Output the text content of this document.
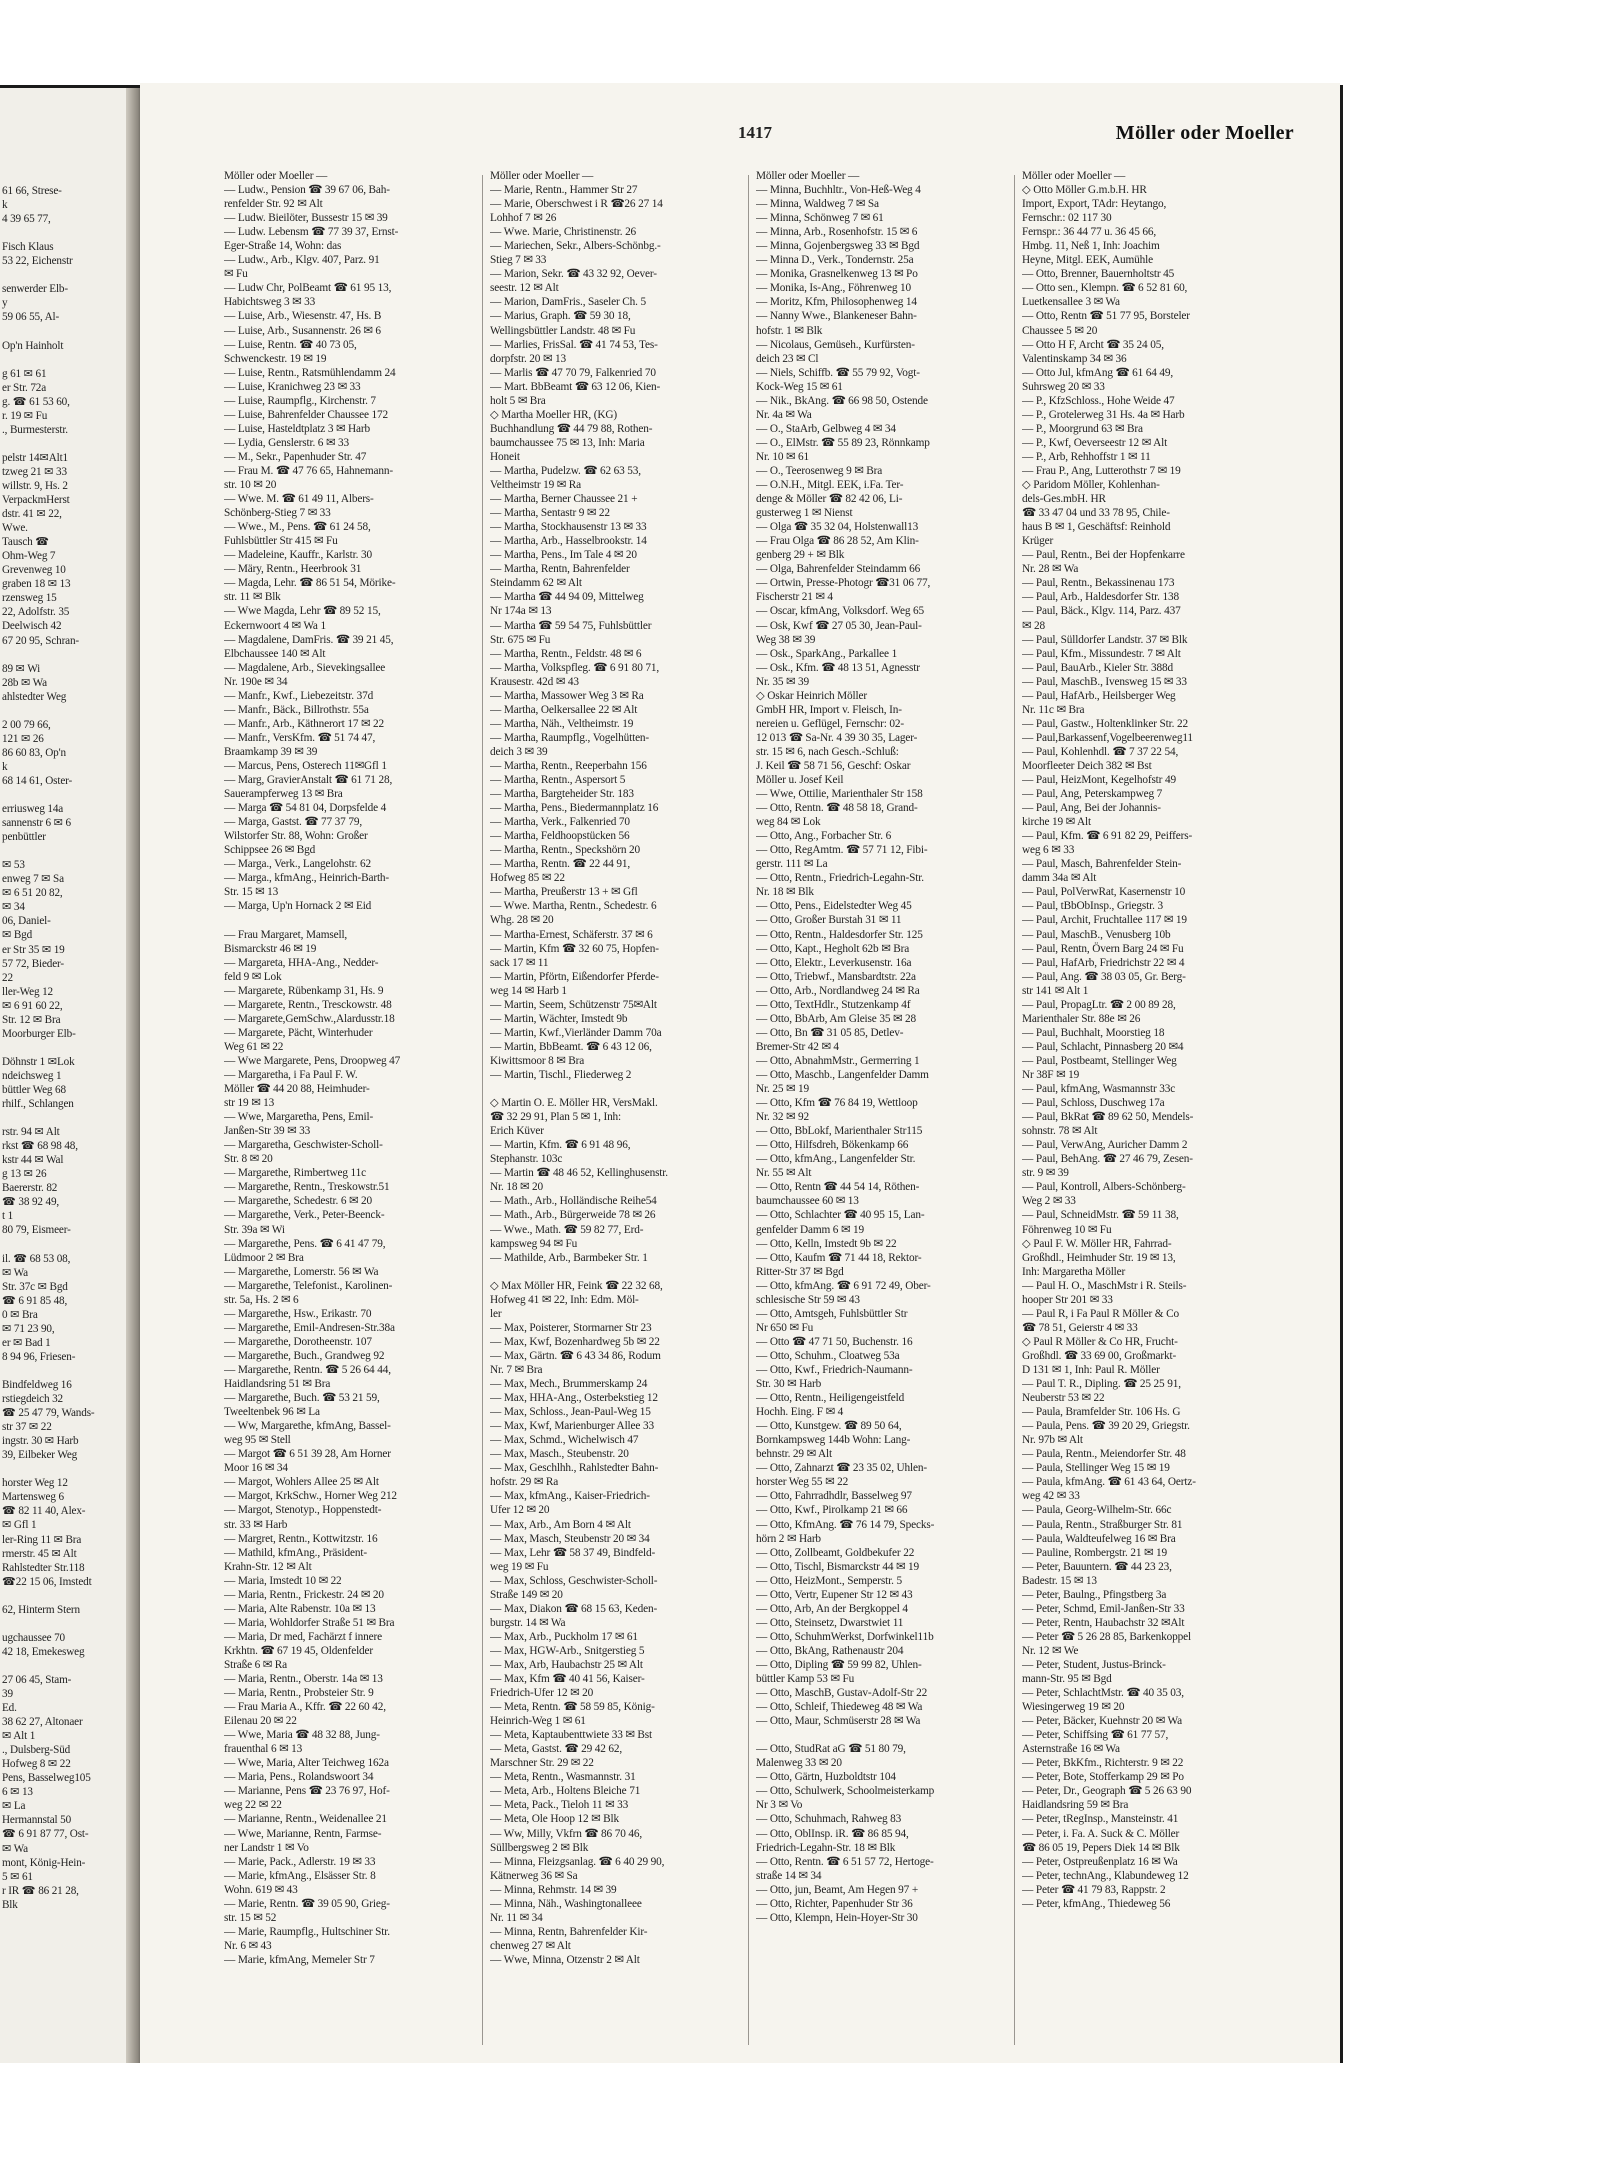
61 66, Strese-
k
4 39 65 77,

Fisch Klaus
53 22, Eichenstr

senwerder Elb-
y
59 06 55, Al-

Op'n Hainholt

g 61 ✉ 61
er Str. 72a
g. ☎ 61 53 60,
r. 19 ✉ Fu
., Burmesterstr.

pelstr 14✉Alt1
tzweg 21 ✉ 33
willstr. 9, Hs. 2
VerpackmHerst
dstr. 41 ✉ 22,
Wwe.
Tausch ☎
Ohm-Weg 7
Grevenweg 10
graben 18 ✉ 13
rzensweg 15
22, Adolfstr. 35
Deelwisch 42
67 20 95, Schran-

89 ✉ Wi
28b ✉ Wa
ahlstedter Weg

2 00 79 66,
121 ✉ 26
86 60 83, Op'n
k
68 14 61, Oster-

erriusweg 14a
sannenstr 6 ✉ 6
penbüttler

✉ 53
enweg 7 ✉ Sa
✉ 6 51 20 82,
✉ 34
06, Daniel-
✉ Bgd
er Str 35 ✉ 19
57 72, Bieder-
22
ller-Weg 12
✉ 6 91 60 22,
Str. 12 ✉ Bra
Moorburger Elb-

Döhnstr 1 ✉Lok
ndeichsweg 1
büttler Weg 68
rhilf., Schlangen

rstr. 94 ✉ Alt
rkst ☎ 68 98 48,
kstr 44 ✉ Wal
g 13 ✉ 26
Baererstr. 82
☎ 38 92 49,
t 1
80 79, Eismeer-

il. ☎ 68 53 08,
✉ Wa
Str. 37c ✉ Bgd
☎ 6 91 85 48,
0 ✉ Bra
✉ 71 23 90,
er ✉ Bad 1
8 94 96, Friesen-

Bindfeldweg 16
rstiegdeich 32
☎ 25 47 79, Wands-
str 37 ✉ 22
ingstr. 30 ✉ Harb
39, Eilbeker Weg

horster Weg 12
Martensweg 6
☎ 82 11 40, Alex-
✉ Gfl 1
ler-Ring 11 ✉ Bra
rmerstr. 45 ✉ Alt
Rahlstedter Str.118
☎22 15 06, Imstedt

62, Hinterm Stern

ugchaussee 70
42 18, Emekesweg

27 06 45, Stam-
39
Ed.
38 62 27, Altonaer
✉ Alt 1
., Dulsberg-Süd
Hofweg 8 ✉ 22
Pens, Basselweg105
6 ✉ 13
✉ La
Hermannstal 50
☎ 6 91 87 77, Ost-
✉ Wa
mont, König-Hein-
5 ✉ 61
r IR ☎ 86 21 28,
Blk
1417	Möller oder Moeller
Möller oder Moeller —
— Ludw., Pension ☎ 39 67 06, Bah-
renfelder Str. 92 ✉ Alt
— Ludw. Bieilöter, Bussestr 15 ✉ 39
— Ludw. Lebensm ☎ 77 39 37, Ernst-
Eger-Straße 14, Wohn: das
— Ludw., Arb., Klgv. 407, Parz. 91
✉ Fu
— Ludw Chr, PolBeamt ☎ 61 95 13,
Habichtsweg 3 ✉ 33
— Luise, Arb., Wiesenstr. 47, Hs. B
— Luise, Arb., Susannenstr. 26 ✉ 6
— Luise, Rentn. ☎ 40 73 05,
Schwenckestr. 19 ✉ 19
— Luise, Rentn., Ratsmühlendamm 24
— Luise, Kranichweg 23 ✉ 33
— Luise, Raumpflg., Kirchenstr. 7
— Luise, Bahrenfelder Chaussee 172
— Luise, Hasteldtplatz 3 ✉ Harb
— Lydia, Genslerstr. 6 ✉ 33
— M., Sekr., Papenhuder Str. 47
— Frau M. ☎ 47 76 65, Hahnemann-
str. 10 ✉ 20
— Wwe. M. ☎ 61 49 11, Albers-
Schönberg-Stieg 7 ✉ 33
— Wwe., M., Pens. ☎ 61 24 58,
Fuhlsbüttler Str 415 ✉ Fu
— Madeleine, Kauffr., Karlstr. 30
— Märy, Rentn., Heerbrook 31
— Magda, Lehr. ☎ 86 51 54, Mörike-
str. 11 ✉ Blk
— Wwe Magda, Lehr ☎ 89 52 15,
Eckernwoort 4 ✉ Wa 1
— Magdalene, DamFris. ☎ 39 21 45,
Elbchaussee 140 ✉ Alt
— Magdalene, Arb., Sievekingsallee
Nr. 190e ✉ 34
— Manfr., Kwf., Liebezeitstr. 37d
— Manfr., Bäck., Billrothstr. 55a
— Manfr., Arb., Käthnerort 17 ✉ 22
— Manfr., VersKfm. ☎ 51 74 47,
Braamkamp 39 ✉ 39
— Marcus, Pens, Osterесh 11✉Gfl 1
— Marg, GravierAnstalt ☎ 61 71 28,
Sauerampferweg 13 ✉ Bra
— Marga ☎ 54 81 04, Dorpsfelde 4
— Marga, Gastst. ☎ 77 37 79,
Wilstorfer Str. 88, Wohn: Großer
Schippsee 26 ✉ Bgd
— Marga., Verk., Langelohstr. 62
— Marga., kfmAng., Heinrich-Barth-
Str. 15 ✉ 13
— Marga, Up'n Hornack 2 ✉ Eid

— Frau Margaret, Mamsell,
Bismarckstr 46 ✉ 19
— Margareta, HHA-Ang., Nedder-
feld 9 ✉ Lok
— Margarete, Rübenkamp 31, Hs. 9
— Margarete, Rentn., Tresckowstr. 48
— Margarete,GemSchw.,Alardusstr.18
— Margarete, Pächt, Winterhuder
Weg 61 ✉ 22
— Wwe Margarete, Pens, Droopweg 47
— Margaretha, i Fa Paul F. W.
Möller ☎ 44 20 88, Heimhuder-
str 19 ✉ 13
— Wwe, Margaretha, Pens, Emil-
Janßen-Str 39 ✉ 33
— Margaretha, Geschwister-Scholl-
Str. 8 ✉ 20
— Margarethe, Rimbertweg 11c
— Margarethe, Rentn., Treskowstr.51
— Margarethe, Schedestr. 6 ✉ 20
— Margarethe, Verk., Peter-Beenck-
Str. 39a ✉ Wi
— Margarethe, Pens. ☎ 6 41 47 79,
Lüdmoor 2 ✉ Bra
— Margarethe, Lomerstr. 56 ✉ Wa
— Margarethe, Telefonist., Karolinen-
str. 5a, Hs. 2 ✉ 6
— Margarethe, Hsw., Erikastr. 70
— Margarethe, Emil-Andresen-Str.38a
— Margarethe, Dorotheenstr. 107
— Margarethe, Buch., Grandweg 92
— Margarethe, Rentn. ☎ 5 26 64 44,
Haidlandsring 51 ✉ Bra
— Margarethe, Buch. ☎ 53 21 59,
Tweeltenbek 96 ✉ La
— Ww, Margarethe, kfmAng, Bassel-
weg 95 ✉ Stell
— Margot ☎ 6 51 39 28, Am Horner
Moor 16 ✉ 34
— Margot, Wohlers Allee 25 ✉ Alt
— Margot, KrkSchw., Horner Weg 212
— Margot, Stenotyp., Hoppenstedt-
str. 33 ✉ Harb
— Margret, Rentn., Kottwitzstr. 16
— Mathild, kfmAng., Präsident-
Krahn-Str. 12 ✉ Alt
— Maria, Imstedt 10 ✉ 22
— Maria, Rentn., Frickestr. 24 ✉ 20
— Maria, Alte Rabenstr. 10a ✉ 13
— Maria, Wohldorfer Straße 51 ✉ Bra
— Maria, Dr med, Fachärzt f innere
Krkhtn. ☎ 67 19 45, Oldenfelder
Straße 6 ✉ Ra
— Maria, Rentn., Oberstr. 14a ✉ 13
— Maria, Rentn., Probsteier Str. 9
— Frau Maria A., Kffr. ☎ 22 60 42,
Eilenau 20 ✉ 22
— Wwe, Maria ☎ 48 32 88, Jung-
frauenthal 6 ✉ 13
— Wwe, Maria, Alter Teichweg 162a
— Maria, Pens., Rolandswoort 34
— Marianne, Pens ☎ 23 76 97, Hof-
weg 22 ✉ 22
— Marianne, Rentn., Weidenallee 21
— Wwe, Marianne, Rentn, Farmse-
ner Landstr 1 ✉ Vo
— Marie, Pack., Adlerstr. 19 ✉ 33
— Marie, kfmAng., Elsässer Str. 8
Wohn. 619 ✉ 43
— Marie, Rentn. ☎ 39 05 90, Grieg-
str. 15 ✉ 52
— Marie, Raumpflg., Hultschiner Str.
Nr. 6 ✉ 43
— Marie, kfmAng, Memeler Str 7
Möller oder Moeller —
— Marie, Rentn., Hammer Str 27
— Marie, Oberschwest i R ☎26 27 14
Lohhof 7 ✉ 26
— Wwe. Marie, Christinenstr. 26
— Mariechen, Sekr., Albers-Schönbg.-
Stieg 7 ✉ 33
— Marion, Sekr. ☎ 43 32 92, Oever-
seestr. 12 ✉ Alt
— Marion, DamFris., Saseler Ch. 5
— Marius, Graph. ☎ 59 30 18,
Wellingsbüttler Landstr. 48 ✉ Fu
— Marlies, FrisSal. ☎ 41 74 53, Tes-
dorpfstr. 20 ✉ 13
— Marlis ☎ 47 70 79, Falkenried 70
— Mart. BbBeamt ☎ 63 12 06, Kien-
holt 5 ✉ Bra
◇ Martha Moeller HR, (KG)
Buchhandlung ☎ 44 79 88, Rothen-
baumchaussee 75 ✉ 13, Inh: Maria
Honeit
— Martha, Pudelzw. ☎ 62 63 53,
Veltheimstr 19 ✉ Ra
— Martha, Berner Chaussee 21 +
— Martha, Sentastr 9 ✉ 22
— Martha, Stockhausenstr 13 ✉ 33
— Martha, Arb., Hasselbrookstr. 14
— Martha, Pens., Im Tale 4 ✉ 20
— Martha, Rentn, Bahrenfelder
Steindamm 62 ✉ Alt
— Martha ☎ 44 94 09, Mittelweg
Nr 174a ✉ 13
— Martha ☎ 59 54 75, Fuhlsbüttler
Str. 675 ✉ Fu
— Martha, Rentn., Feldstr. 48 ✉ 6
— Martha, Volkspfleg. ☎ 6 91 80 71,
Krausestr. 42d ✉ 43
— Martha, Massower Weg 3 ✉ Ra
— Martha, Oelkersallee 22 ✉ Alt
— Martha, Näh., Veltheimstr. 19
— Martha, Raumpflg., Vogelhütten-
deich 3 ✉ 39
— Martha, Rentn., Reeperbahn 156
— Martha, Rentn., Aspersort 5
— Martha, Bargteheider Str. 183
— Martha, Pens., Biedermannplatz 16
— Martha, Verk., Falkenried 70
— Martha, Feldhoopstücken 56
— Martha, Rentn., Speckshörn 20
— Martha, Rentn. ☎ 22 44 91,
Hofweg 85 ✉ 22
— Martha, Preußerstr 13 + ✉ Gfl
— Wwe. Martha, Rentn., Schedestr. 6
Whg. 28 ✉ 20
— Martha-Ernest, Schäferstr. 37 ✉ 6
— Martin, Kfm ☎ 32 60 75, Hopfen-
sack 17 ✉ 11
— Martin, Pförtn, Eißendorfer Pferde-
weg 14 ✉ Harb 1
— Martin, Seem, Schützenstr 75✉Alt
— Martin, Wächter, Imstedt 9b
— Martin, Kwf.,Vierländer Damm 70a
— Martin, BbBeamt. ☎ 6 43 12 06,
Kiwittsmoor 8 ✉ Bra
— Martin, Tischl., Fliederweg 2

◇ Martin O. E. Möller HR, VersMakl.
☎ 32 29 91, Plan 5 ✉ 1, Inh:
Erich Küver
— Martin, Kfm. ☎ 6 91 48 96,
Stephanstr. 103c
— Martin ☎ 48 46 52, Kellinghusenstr.
Nr. 18 ✉ 20
— Math., Arb., Holländische Reihe54
— Math., Arb., Bürgerweide 78 ✉ 26
— Wwe., Math. ☎ 59 82 77, Erd-
kampsweg 94 ✉ Fu
— Mathilde, Arb., Barmbeker Str. 1

◇ Max Möller HR, Feink ☎ 22 32 68,
Hofweg 41 ✉ 22, Inh: Edm. Möl-
ler
— Max, Poisterer, Stormarner Str 23
— Max, Kwf, Bozenhardweg 5b ✉ 22
— Max, Gärtn. ☎ 6 43 34 86, Rodum
Nr. 7 ✉ Bra
— Max, Mech., Brummerskamp 24
— Max, HHA-Ang., Osterbekstieg 12
— Max, Schloss., Jean-Paul-Weg 15
— Max, Kwf, Marienburger Allee 33
— Max, Schmd., Wichelwisch 47
— Max, Masch., Steubenstr. 20
— Max, Geschlhh., Rahlstedter Bahn-
hofstr. 29 ✉ Ra
— Max, kfmAng., Kaiser-Friedrich-
Ufer 12 ✉ 20
— Max, Arb., Am Born 4 ✉ Alt
— Max, Masch, Steubenstr 20 ✉ 34
— Max, Lehr ☎ 58 37 49, Bindfeld-
weg 19 ✉ Fu
— Max, Schloss, Geschwister-Scholl-
Straße 149 ✉ 20
— Max, Diakon ☎ 68 15 63, Keden-
burgstr. 14 ✉ Wa
— Max, Arb., Puckholm 17 ✉ 61
— Max, HGW-Arb., Snitgerstieg 5
— Max, Arb, Haubachstr 25 ✉ Alt
— Max, Kfm ☎ 40 41 56, Kaiser-
Friedrich-Ufer 12 ✉ 20
— Meta, Rentn. ☎ 58 59 85, König-
Heinrich-Weg 1 ✉ 61
— Meta, Kaptaubenttwiete 33 ✉ Bst
— Meta, Gastst. ☎ 29 42 62,
Marschner Str. 29 ✉ 22
— Meta, Rentn., Wasmannstr. 31
— Meta, Arb., Holtens Bleiche 71
— Meta, Pack., Tieloh 11 ✉ 33
— Meta, Ole Hoop 12 ✉ Blk
— Ww, Milly, Vkfrn ☎ 86 70 46,
Süllbergsweg 2 ✉ Blk
— Minna, Fleizgsanlag. ☎ 6 40 29 90,
Kätnerweg 36 ✉ Sa
— Minna, Rehmstr. 14 ✉ 39
— Minna, Näh., Washingtonalleee
Nr. 11 ✉ 34
— Minna, Rentn, Bahrenfelder Kir-
chenweg 27 ✉ Alt
— Wwe, Minna, Otzenstr 2 ✉ Alt
Möller oder Moeller —
— Minna, Buchhltr., Von-Heß-Weg 4
— Minna, Waldweg 7 ✉ Sa
— Minna, Schönweg 7 ✉ 61
— Minna, Arb., Rosenhofstr. 15 ✉ 6
— Minna, Gojenbergsweg 33 ✉ Bgd
— Minna D., Verk., Tondernstr. 25a
— Monika, Grasnelkenweg 13 ✉ Po
— Monika, Is-Ang., Föhrenweg 10
— Moritz, Kfm, Philosophenweg 14
— Nanny Wwe., Blankeneser Bahn-
hofstr. 1 ✉ Blk
— Nicolaus, Gemüseh., Kurfürsten-
deich 23 ✉ Cl
— Niels, Schiffb. ☎ 55 79 92, Vogt-
Kock-Weg 15 ✉ 61
— Nik., BkAng. ☎ 66 98 50, Ostende
Nr. 4a ✉ Wa
— O., StaArb, Gelbweg 4 ✉ 34
— O., ElMstr. ☎ 55 89 23, Rönnkamp
Nr. 10 ✉ 61
— O., Teerosenweg 9 ✉ Bra
— O.N.H., Mitgl. EEK, i.Fa. Ter-
denge & Möller ☎ 82 42 06, Li-
gusterweg 1 ✉ Nienst
— Olga ☎ 35 32 04, Holstenwall13
— Frau Olga ☎ 86 28 52, Am Klin-
genberg 29 + ✉ Blk
— Olga, Bahrenfelder Steindamm 66
— Ortwin, Presse-Photogr ☎31 06 77,
Fischerstr 21 ✉ 4
— Oscar, kfmAng, Volksdorf. Weg 65
— Osk, Kwf ☎ 27 05 30, Jean-Paul-
Weg 38 ✉ 39
— Osk., SparkAng., Parkallee 1
— Osk., Kfm. ☎ 48 13 51, Agnesstr
Nr. 35 ✉ 39
◇ Oskar Heinrich Möller
GmbH HR, Import v. Fleisch, In-
nereien u. Geflügel, Fernschr: 02-
12 013 ☎ Sa-Nr. 4 39 30 35, Lager-
str. 15 ✉ 6, nach Gesch.-Schluß:
J. Keil ☎ 58 71 56, Geschf: Oskar
Möller u. Josef Keil
— Wwe, Ottilie, Marienthaler Str 158
— Otto, Rentn. ☎ 48 58 18, Grand-
weg 84 ✉ Lok
— Otto, Ang., Forbacher Str. 6
— Otto, RegAmtm. ☎ 57 71 12, Fibi-
gerstr. 111 ✉ La
— Otto, Rentn., Friedrich-Legahn-Str.
Nr. 18 ✉ Blk
— Otto, Pens., Eidelstedter Weg 45
— Otto, Großer Burstah 31 ✉ 11
— Otto, Rentn., Haldesdorfer Str. 125
— Otto, Kapt., Hegholt 62b ✉ Bra
— Otto, Elektr., Leverkusenstr. 16a
— Otto, Triebwf., Mansbardtstr. 22a
— Otto, Arb., Nordlandweg 24 ✉ Ra
— Otto, TextHdlr., Stutzenkamp 4f
— Otto, BbArb, Am Gleise 35 ✉ 28
— Otto, Bn ☎ 31 05 85, Detlev-
Bremer-Str 42 ✉ 4
— Otto, AbnahmMstr., Germerring 1
— Otto, Maschb., Langenfelder Damm
Nr. 25 ✉ 19
— Otto, Kfm ☎ 76 84 19, Wettloop
Nr. 32 ✉ 92
— Otto, BbLokf, Marienthaler Str115
— Otto, Hilfsdreh, Bökenkamp 66
— Otto, kfmAng., Langenfelder Str.
Nr. 55 ✉ Alt
— Otto, Rentn ☎ 44 54 14, Röthen-
baumchaussee 60 ✉ 13
— Otto, Schlachter ☎ 40 95 15, Lan-
genfelder Damm 6 ✉ 19
— Otto, Kelln, Imstedt 9b ✉ 22
— Otto, Kaufm ☎ 71 44 18, Rektor-
Ritter-Str 37 ✉ Bgd
— Otto, kfmAng. ☎ 6 91 72 49, Ober-
schlesische Str 59 ✉ 43
— Otto, Amtsgeh, Fuhlsbüttler Str
Nr 650 ✉ Fu
— Otto ☎ 47 71 50, Buchenstr. 16
— Otto, Schuhm., Cloatweg 53a
— Otto, Kwf., Friedrich-Naumann-
Str. 30 ✉ Harb
— Otto, Rentn., Heiligengeistfeld
Hochh. Eing. F ✉ 4
— Otto, Kunstgew. ☎ 89 50 64,
Bornkampsweg 144b Wohn: Lang-
behnstr. 29 ✉ Alt
— Otto, Zahnarzt ☎ 23 35 02, Uhlen-
horster Weg 55 ✉ 22
— Otto, Fahrradhdlr, Basselweg 97
— Otto, Kwf., Pirolkamp 21 ✉ 66
— Otto, KfmAng. ☎ 76 14 79, Specks-
hörn 2 ✉ Harb
— Otto, Zollbeamt, Goldbekufer 22
— Otto, Tischl, Bismarckstr 44 ✉ 19
— Otto, HeizMont., Semperstr. 5
— Otto, Vertr, Eupener Str 12 ✉ 43
— Otto, Arb, An der Bergkoppel 4
— Otto, Steinsetz, Dwarstwiet 11
— Otto, SchuhmWerkst, Dorfwinkel11b
— Otto, BkAng, Rathenaustr 204
— Otto, Dipling ☎ 59 99 82, Uhlen-
büttler Kamp 53 ✉ Fu
— Otto, MaschB, Gustav-Adolf-Str 22
— Otto, Schleif, Thiedeweg 48 ✉ Wa
— Otto, Maur, Schmüserstr 28 ✉ Wa

— Otto, StudRat aG ☎ 51 80 79,
Malenweg 33 ✉ 20
— Otto, Gärtn, Huzboldtstr 104
— Otto, Schulwerk, Schoolmeisterkamp
Nr 3 ✉ Vo
— Otto, Schuhmach, Rahweg 83
— Otto, OblInsp. iR. ☎ 86 85 94,
Friedrich-Legahn-Str. 18 ✉ Blk
— Otto, Rentn. ☎ 6 51 57 72, Hertoge-
straße 14 ✉ 34
— Otto, jun, Beamt, Am Hegen 97 +
— Otto, Richter, Papenhuder Str 36
— Otto, Klempn, Hein-Hoyer-Str 30
Möller oder Moeller —
◇ Otto Möller G.m.b.H. HR
Import, Export, TAdr: Heytango,
Fernschr.: 02 117 30
Fernspr.: 36 44 77 u. 36 45 66,
Hmbg. 11, Neß 1, Inh: Joachim
Heyne, Mitgl. EEK, Aumühle
— Otto, Brenner, Bauernholtstr 45
— Otto sen., Klempn. ☎ 6 52 81 60,
Luetkensallee 3 ✉ Wa
— Otto, Rentn ☎ 51 77 95, Borsteler
Chaussee 5 ✉ 20
— Otto H F, Archt ☎ 35 24 05,
Valentinskamp 34 ✉ 36
— Otto Jul, kfmAng ☎ 61 64 49,
Suhrsweg 20 ✉ 33
— P., KfzSchloss., Hohe Weide 47
— P., Grotelerweg 31 Hs. 4a ✉ Harb
— P., Moorgrund 63 ✉ Bra
— P., Kwf, Oeverseestr 12 ✉ Alt
— P., Arb, Rehhoffstr 1 ✉ 11
— Frau P., Ang, Lutterothstr 7 ✉ 19
◇ Paridom Möller, Kohlenhan-
dels-Ges.mbH. HR
☎ 33 47 04 und 33 78 95, Chile-
haus B ✉ 1, Geschäftsf: Reinhold
Krüger
— Paul, Rentn., Bei der Hopfenkarre
Nr. 28 ✉ Wa
— Paul, Rentn., Bekassinenau 173
— Paul, Arb., Haldesdorfer Str. 138
— Paul, Bäck., Klgv. 114, Parz. 437
✉ 28
— Paul, Sülldorfer Landstr. 37 ✉ Blk
— Paul, Kfm., Missundestr. 7 ✉ Alt
— Paul, BauArb., Kieler Str. 388d
— Paul, MaschB., Ivensweg 15 ✉ 33
— Paul, HafArb., Heilsberger Weg
Nr. 11c ✉ Bra
— Paul, Gastw., Holtenklinker Str. 22
— Paul,Barkassenf,Vogelbeerenweg11
— Paul, Kohlenhdl. ☎ 7 37 22 54,
Moorfleeter Deich 382 ✉ Bst
— Paul, HeizMont, Kegelhofstr 49
— Paul, Ang, Peterskampweg 7
— Paul, Ang, Bei der Johannis-
kirche 19 ✉ Alt
— Paul, Kfm. ☎ 6 91 82 29, Peiffers-
weg 6 ✉ 33
— Paul, Masch, Bahrenfelder Stein-
damm 34a ✉ Alt
— Paul, PolVerwRat, Kasernenstr 10
— Paul, tBbObInsp., Griegstr. 3
— Paul, Archit, Fruchtallee 117 ✉ 19
— Paul, MaschB., Venusberg 10b
— Paul, Rentn, Övern Barg 24 ✉ Fu
— Paul, HafArb, Friedrichstr 22 ✉ 4
— Paul, Ang. ☎ 38 03 05, Gr. Berg-
str 141 ✉ Alt 1
— Paul, PropagLtr. ☎ 2 00 89 28,
Marienthaler Str. 88e ✉ 26
— Paul, Buchhalt, Moorstieg 18
— Paul, Schlacht, Pinnasberg 20 ✉4
— Paul, Postbeamt, Stellinger Weg
Nr 38F ✉ 19
— Paul, kfmAng, Wasmannstr 33c
— Paul, Schloss, Duschweg 17a
— Paul, BkRat ☎ 89 62 50, Mendels-
sohnstr. 78 ✉ Alt
— Paul, VerwAng, Auricher Damm 2
— Paul, BehAng. ☎ 27 46 79, Zesen-
str. 9 ✉ 39
— Paul, Kontroll, Albers-Schönberg-
Weg 2 ✉ 33
— Paul, SchneidMstr. ☎ 59 11 38,
Föhrenweg 10 ✉ Fu
◇ Paul F. W. Möller HR, Fahrrad-
Großhdl., Heimhuder Str. 19 ✉ 13,
Inh: Margaretha Möller
— Paul H. O., MaschMstr i R. Steils-
hooper Str 201 ✉ 33
— Paul R, i Fa Paul R Möller & Co
☎ 78 51, Geierstr 4 ✉ 33
◇ Paul R Möller & Co HR, Frucht-
Großhdl. ☎ 33 69 00, Großmarkt-
D 131 ✉ 1, Inh: Paul R. Möller
— Paul T. R., Dipling. ☎ 25 25 91,
Neuberstr 53 ✉ 22
— Paula, Bramfelder Str. 106 Hs. G
— Paula, Pens. ☎ 39 20 29, Griegstr.
Nr. 97b ✉ Alt
— Paula, Rentn., Meiendorfer Str. 48
— Paula, Stellinger Weg 15 ✉ 19
— Paula, kfmAng. ☎ 61 43 64, Oertz-
weg 42 ✉ 33
— Paula, Georg-Wilhelm-Str. 66c
— Paula, Rentn., Straßburger Str. 81
— Paula, Waldteufelweg 16 ✉ Bra
— Pauline, Rombergstr. 21 ✉ 19
— Peter, Bauuntern. ☎ 44 23 23,
Badestr. 15 ✉ 13
— Peter, Baulng., Pfingstberg 3a
— Peter, Schmd, Emil-Janßen-Str 33
— Peter, Rentn, Haubachstr 32 ✉Alt
— Peter ☎ 5 26 28 85, Barkenkoppel
Nr. 12 ✉ We
— Peter, Student, Justus-Brinck-
mann-Str. 95 ✉ Bgd
— Peter, SchlachtMstr. ☎ 40 35 03,
Wiesingerweg 19 ✉ 20
— Peter, Bäcker, Kuehnstr 20 ✉ Wa
— Peter, Schiffsing ☎ 61 77 57,
Asternstraße 16 ✉ Wa
— Peter, BkKfm., Richterstr. 9 ✉ 22
— Peter, Bote, Stofferkamp 29 ✉ Po
— Peter, Dr., Geograph ☎ 5 26 63 90
Haidlandsring 59 ✉ Bra
— Peter, tRegInsp., Mansteinstr. 41
— Peter, i. Fa. A. Suck & C. Möller
☎ 86 05 19, Pepers Diek 14 ✉ Blk
— Peter, Ostpreußenplatz 16 ✉ Wa
— Peter, technAng., Klabundeweg 12
— Peter ☎ 41 79 83, Rappstr. 2
— Peter, kfmAng., Thiedeweg 56
